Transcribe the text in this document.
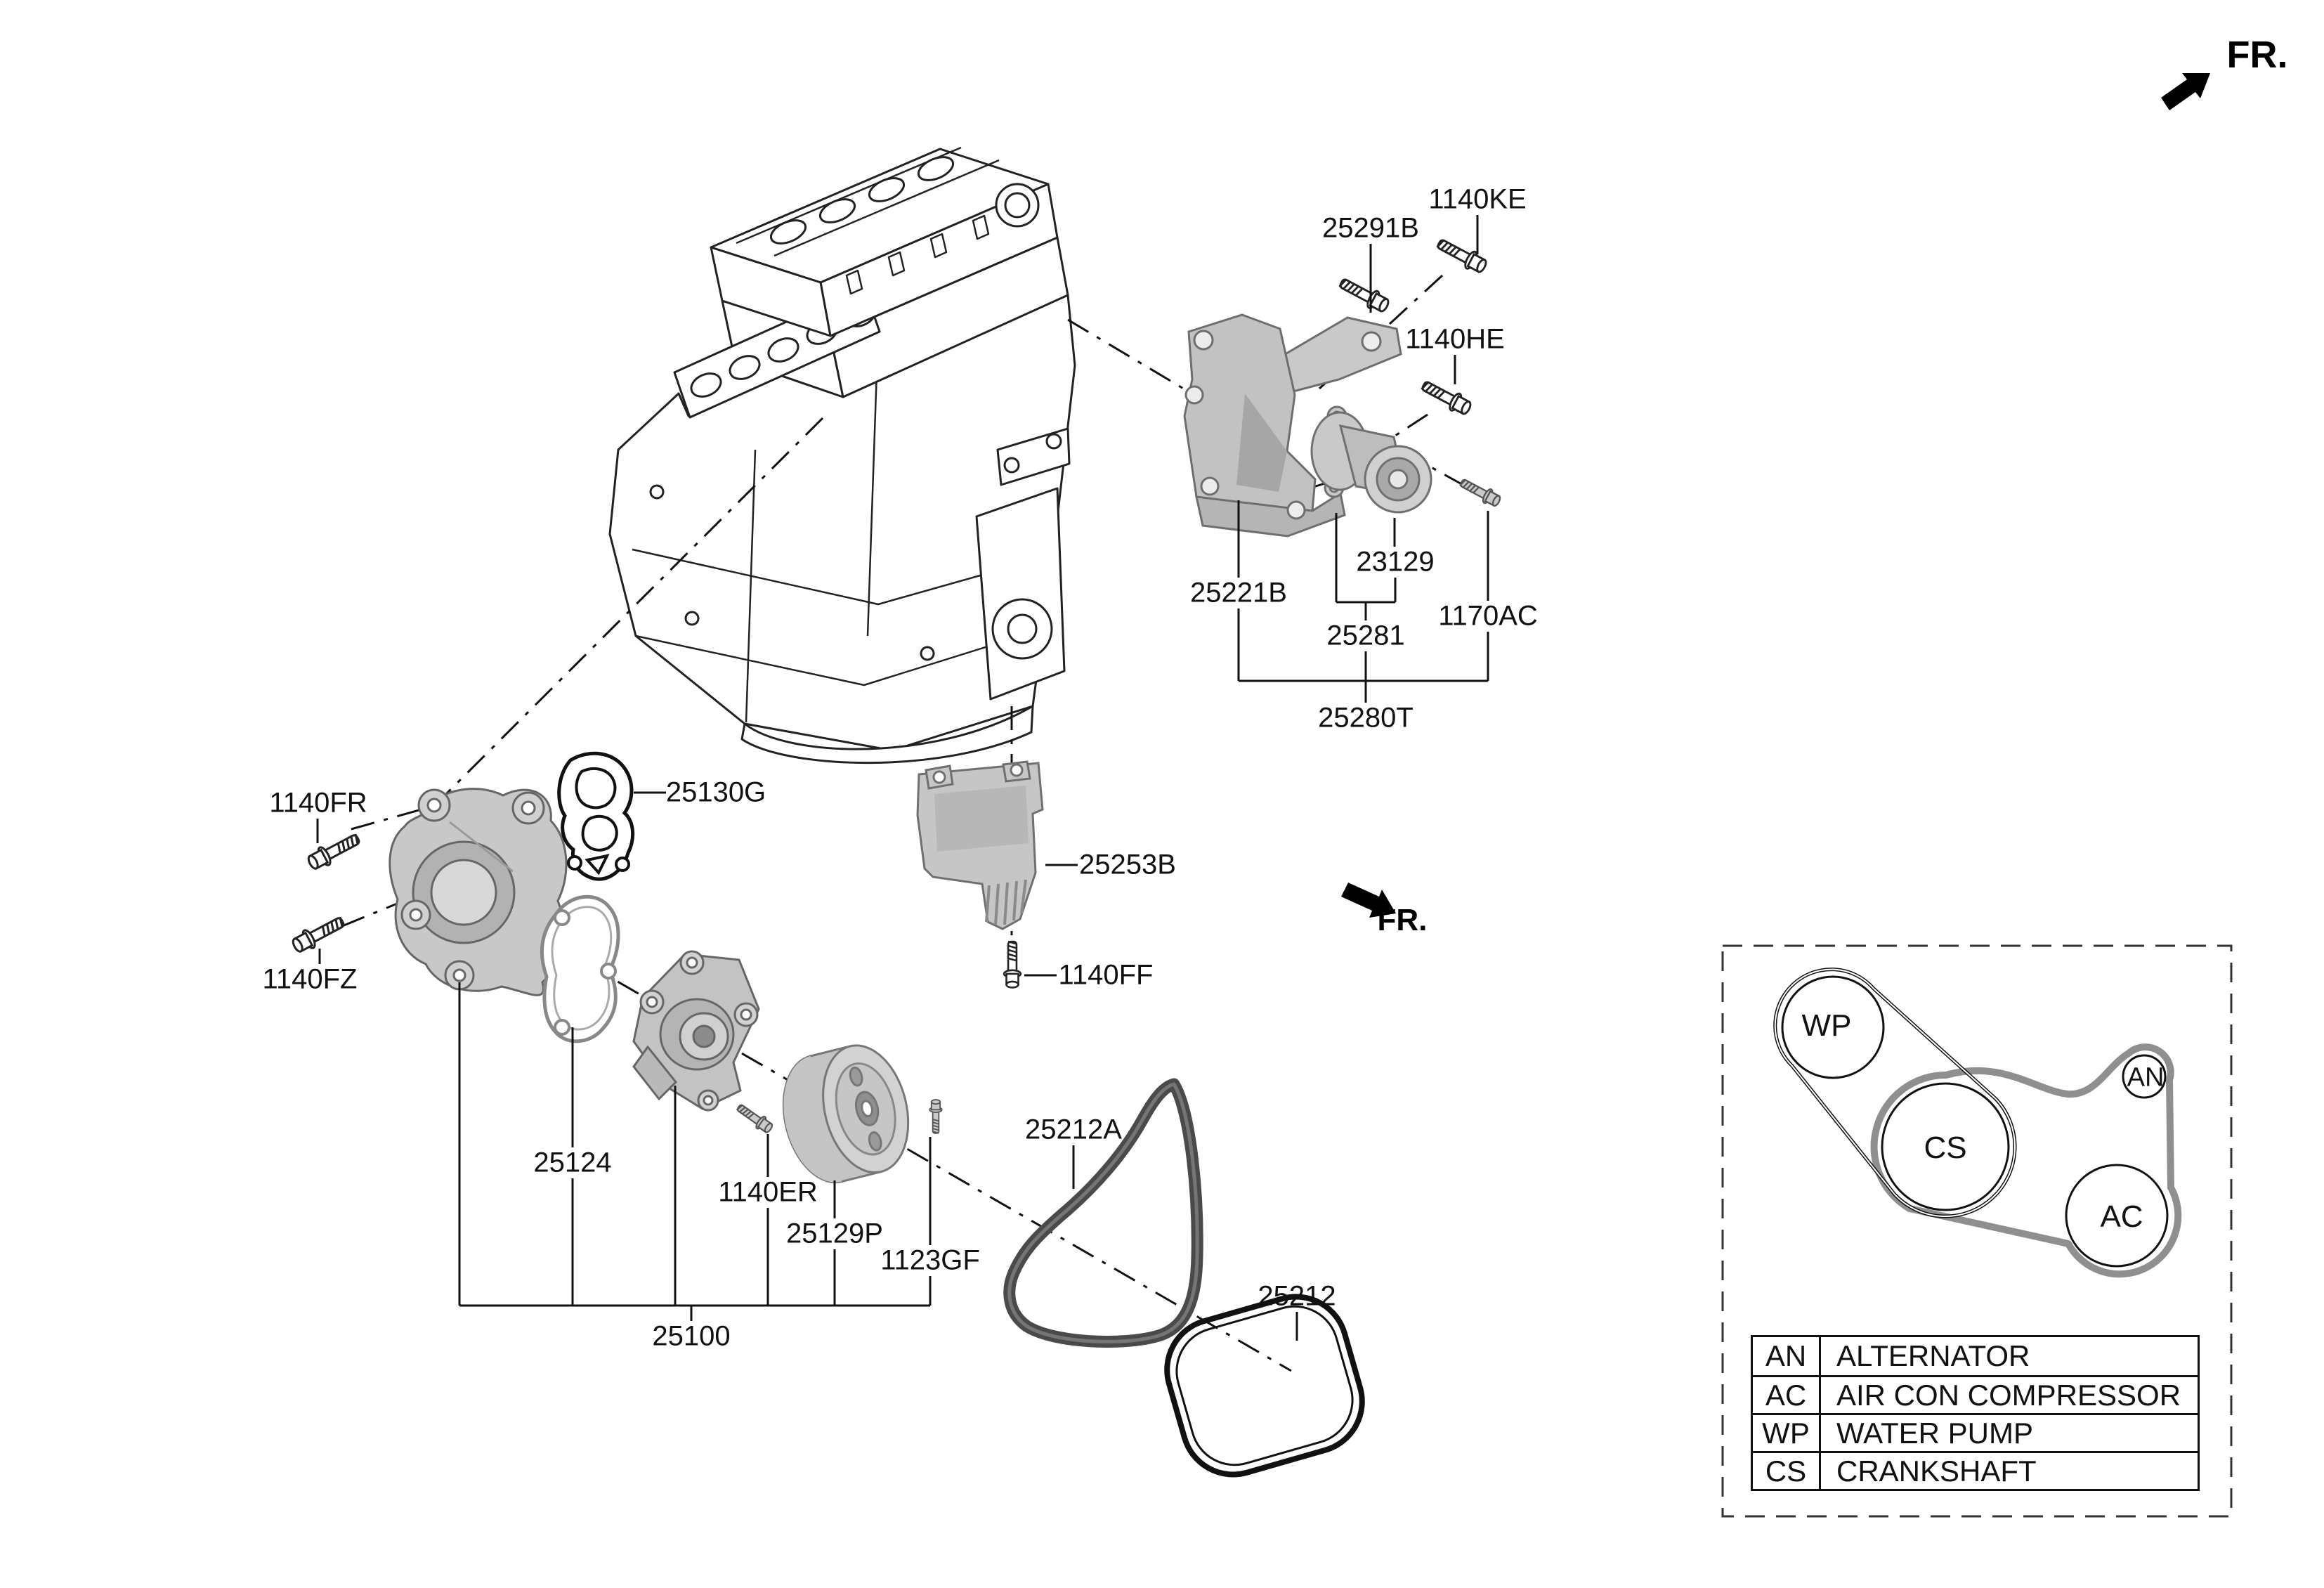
FR.
FR.
25291B
1140KE
1140HE
25221B
23129
25281
1170AC
25280T
25130G
1140FR
1140FZ
25253B
1140FF
25124
1140ER
25129P
1123GF
25100
25212A
25212
WP
CS
AN
AC
AN	ALTERNATOR
AC	AIR CON COMPRESSOR
WP WATER PUMP
CS	CRANKSHAFT
